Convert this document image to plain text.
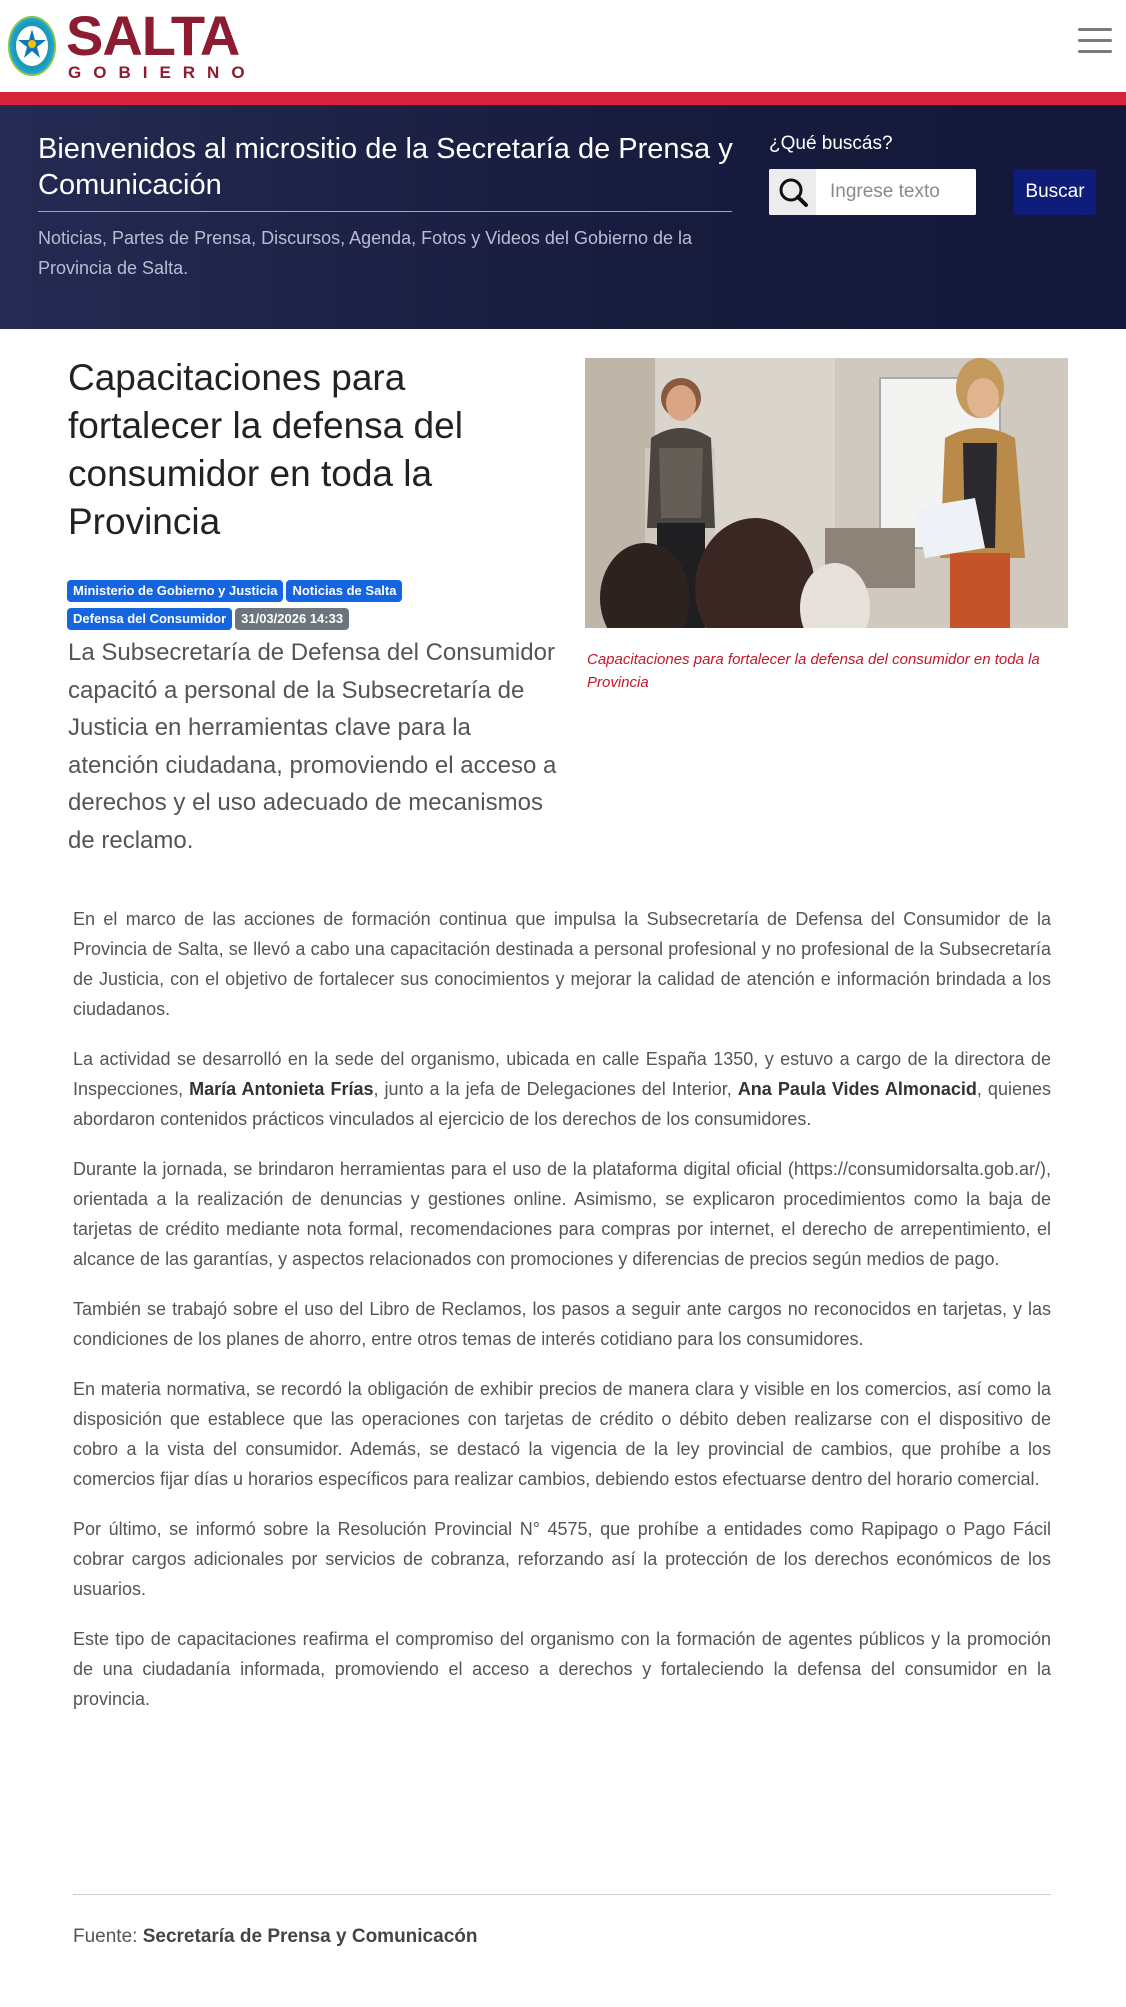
SALTA
GOBIERNO
Bienvenidos al micrositio de la Secretaría de Prensa y Comunicación
Noticias, Partes de Prensa, Discursos, Agenda, Fotos y Videos del Gobierno de la Provincia de Salta.
¿Qué buscás?
Ingrese texto
Buscar
Capacitaciones para fortalecer la defensa del consumidor en toda la Provincia
Ministerio de Gobierno y Justicia Noticias de Salta
Defensa del Consumidor 31/03/2026 14:33

La Subsecretaría de Defensa del Consumidor capacitó a personal de la Subsecretaría de Justicia en herramientas clave para la atención ciudadana, promoviendo el acceso a derechos y el uso adecuado de mecanismos de reclamo.

Capacitaciones para fortalecer la defensa del consumidor en toda la Provincia

En el marco de las acciones de formación continua que impulsa la Subsecretaría de Defensa del Consumidor de la Provincia de Salta, se llevó a cabo una capacitación destinada a personal profesional y no profesional de la Subsecretaría de Justicia, con el objetivo de fortalecer sus conocimientos y mejorar la calidad de atención e información brindada a los ciudadanos.

La actividad se desarrolló en la sede del organismo, ubicada en calle España 1350, y estuvo a cargo de la directora de Inspecciones, María Antonieta Frías, junto a la jefa de Delegaciones del Interior, Ana Paula Vides Almonacid, quienes abordaron contenidos prácticos vinculados al ejercicio de los derechos de los consumidores.

Durante la jornada, se brindaron herramientas para el uso de la plataforma digital oficial (https://consumidorsalta.gob.ar/), orientada a la realización de denuncias y gestiones online. Asimismo, se explicaron procedimientos como la baja de tarjetas de crédito mediante nota formal, recomendaciones para compras por internet, el derecho de arrepentimiento, el alcance de las garantías, y aspectos relacionados con promociones y diferencias de precios según medios de pago.

También se trabajó sobre el uso del Libro de Reclamos, los pasos a seguir ante cargos no reconocidos en tarjetas, y las condiciones de los planes de ahorro, entre otros temas de interés cotidiano para los consumidores.

En materia normativa, se recordó la obligación de exhibir precios de manera clara y visible en los comercios, así como la disposición que establece que las operaciones con tarjetas de crédito o débito deben realizarse con el dispositivo de cobro a la vista del consumidor. Además, se destacó la vigencia de la ley provincial de cambios, que prohíbe a los comercios fijar días u horarios específicos para realizar cambios, debiendo estos efectuarse dentro del horario comercial.

Por último, se informó sobre la Resolución Provincial N° 4575, que prohíbe a entidades como Rapipago o Pago Fácil cobrar cargos adicionales por servicios de cobranza, reforzando así la protección de los derechos económicos de los usuarios.

Este tipo de capacitaciones reafirma el compromiso del organismo con la formación de agentes públicos y la promoción de una ciudadanía informada, promoviendo el acceso a derechos y fortaleciendo la defensa del consumidor en la provincia.

Fuente: Secretaría de Prensa y Comunicacón
